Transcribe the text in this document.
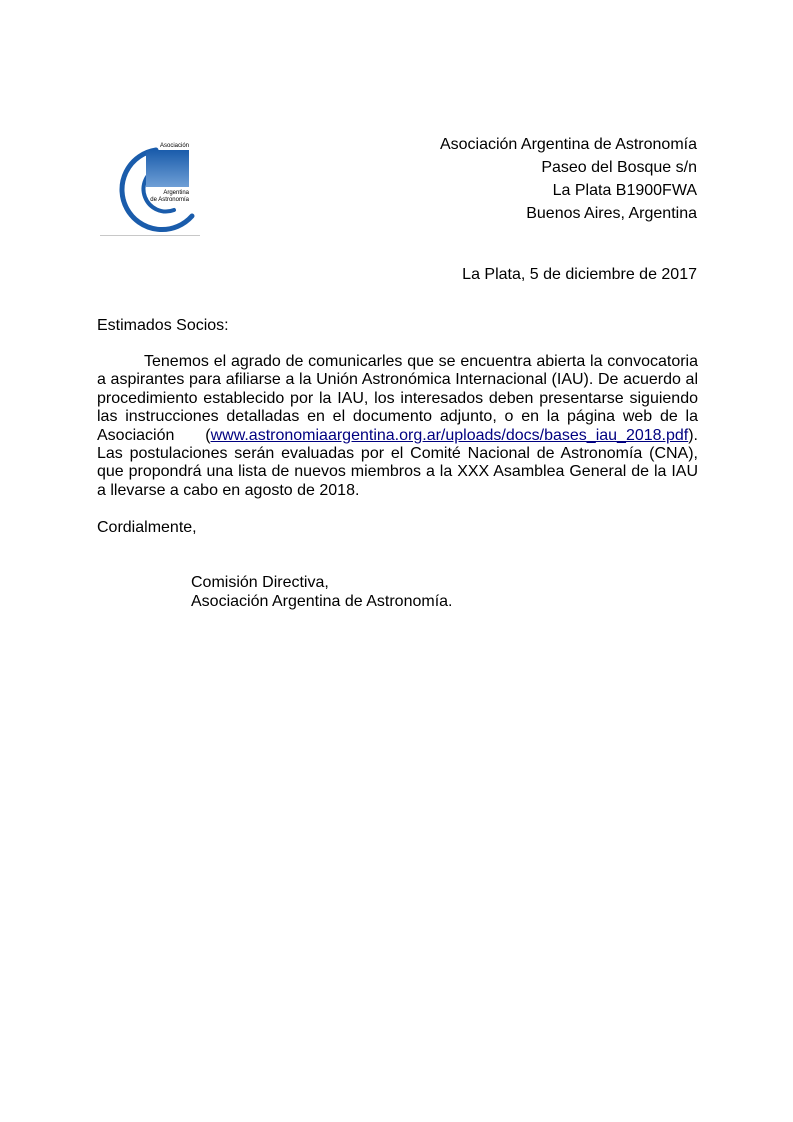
Asociación
Argentina
de Astronomía
Asociación Argentina de Astronomía
Paseo del Bosque s/n
La Plata B1900FWA
Buenos Aires, Argentina
La Plata, 5 de diciembre de 2017
Estimados Socios:

Tenemos el agrado de comunicarles que se encuentra abierta la convocatoria a aspirantes para afiliarse a la Unión Astronómica Internacional (IAU). De acuerdo al procedimiento establecido por la IAU, los interesados deben presentarse siguiendo las instrucciones detalladas en el documento adjunto, o en la página web de la Asociación (www.astronomiaargentina.org.ar/uploads/docs/bases_iau_2018.pdf). Las postulaciones serán evaluadas por el Comité Nacional de Astronomía (CNA), que propondrá una lista de nuevos miembros a la XXX Asamblea General de la IAU a llevarse a cabo en agosto de 2018.

Cordialmente,
Comisión Directiva,
Asociación Argentina de Astronomía.
